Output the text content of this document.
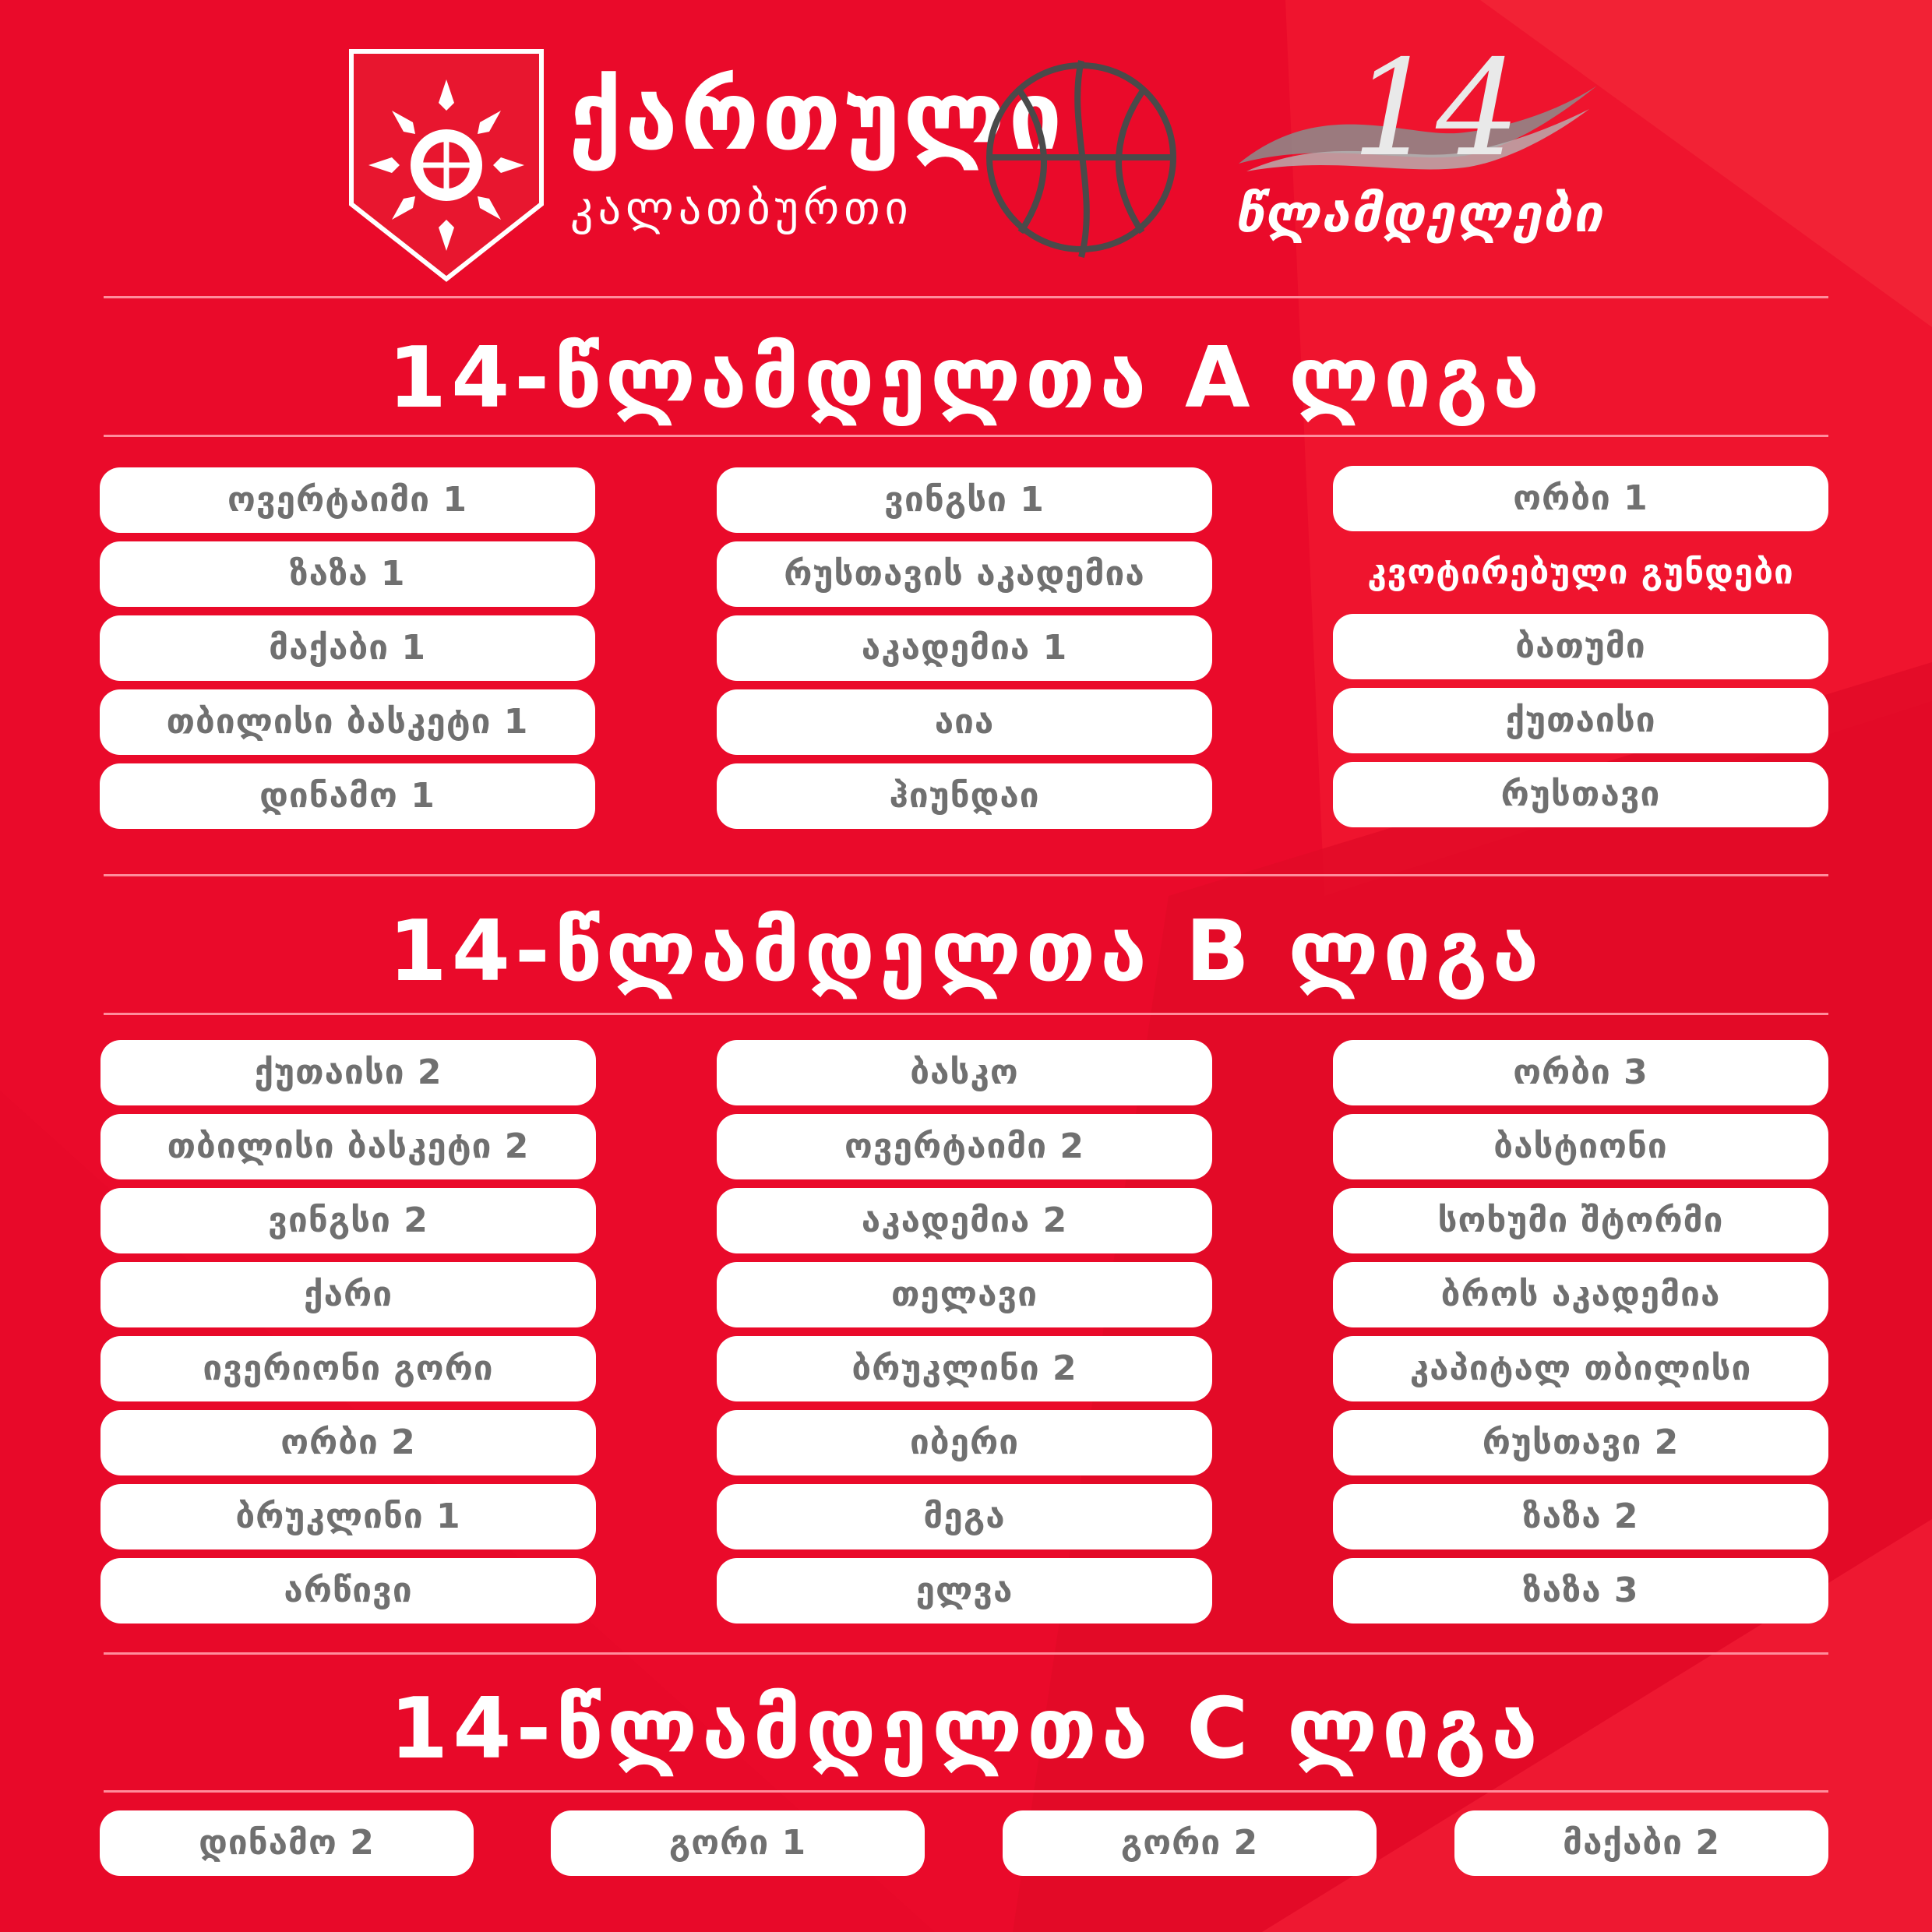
ქართული
კალათბურთი
14
წლამდელები
14-წლამდელთა A ლიგა
ოვერტაიმი 1
ზაზა 1
მაქაბი 1
თბილისი ბასკეტი 1
დინამო 1
ვინგსი 1
რუსთავის აკადემია
აკადემია 1
აია
ჰიუნდაი
ორბი 1
კვოტირებული გუნდები
ბათუმი
ქუთაისი
რუსთავი
14-წლამდელთა B ლიგა
ქუთაისი 2
თბილისი ბასკეტი 2
ვინგსი 2
ქარი
ივერიონი გორი
ორბი 2
ბრუკლინი 1
არწივი
ბასკო
ოვერტაიმი 2
აკადემია 2
თელავი
ბრუკლინი 2
იბერი
მეგა
ელვა
ორბი 3
ბასტიონი
სოხუმი შტორმი
ბროს აკადემია
კაპიტალ თბილისი
რუსთავი 2
ზაზა 2
ზაზა 3
14-წლამდელთა C ლიგა
დინამო 2	გორი 1	გორი 2	მაქაბი 2
